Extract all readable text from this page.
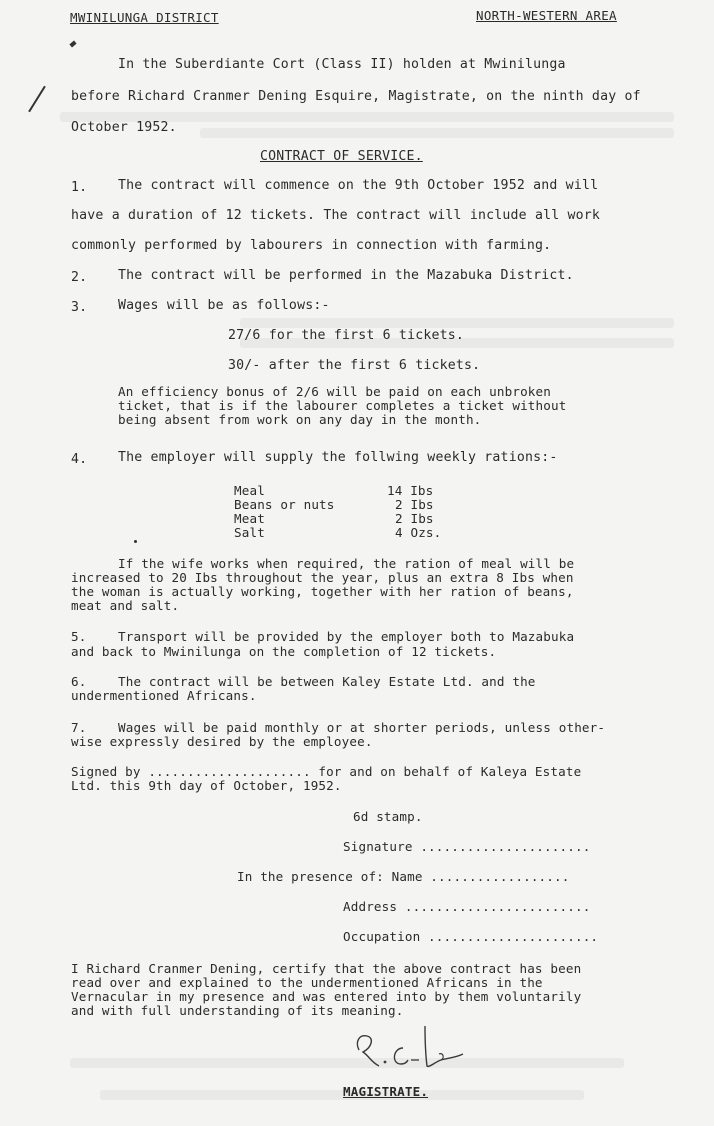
MWINILUNGA DISTRICT	NORTH-WESTERN AREA
In the Suberdiante Cort (Class II) holden at Mwinilunga
before Richard Cranmer Dening Esquire, Magistrate, on the ninth day of
October 1952.
CONTRACT OF SERVICE.
1. The contract will commence on the 9th October 1952 and will
have a duration of 12 tickets. The contract will include all work
commonly performed by labourers in connection with farming.
2. The contract will be performed in the Mazabuka District.
3. Wages will be as follows:-
27/6 for the first 6 tickets.
30/- after the first 6 tickets.
An efficiency bonus of 2/6 will be paid on each unbroken
ticket, that is if the labourer completes a ticket without
being absent from work on any day in the month.
4. The employer will supply the follwing weekly rations:-
Meal	14 Ibs
Beans or nuts	2 Ibs
Meat	2 Ibs
Salt	4 Ozs.
If the wife works when required, the ration of meal will be
increased to 20 Ibs throughout the year, plus an extra 8 Ibs when
the woman is actually working, together with her ration of beans,
meat and salt.
5.	Transport will be provided by the employer both to Mazabuka
and back to Mwinilunga on the completion of 12 tickets.
6.	The contract will be between Kaley Estate Ltd. and the
undermentioned Africans.
7.	Wages will be paid monthly or at shorter periods, unless other-
wise expressly desired by the employee.
Signed by ..................... for and on behalf of Kaleya Estate
Ltd. this 9th day of October, 1952.
6d stamp.
Signature ......................
In the presence of: Name ..................
Address ........................
Occupation ......................
I Richard Cranmer Dening, certify that the above contract has been
read over and explained to the undermentioned Africans in the
Vernacular in my presence and was entered into by them voluntarily
and with full understanding of its meaning.
MAGISTRATE.
